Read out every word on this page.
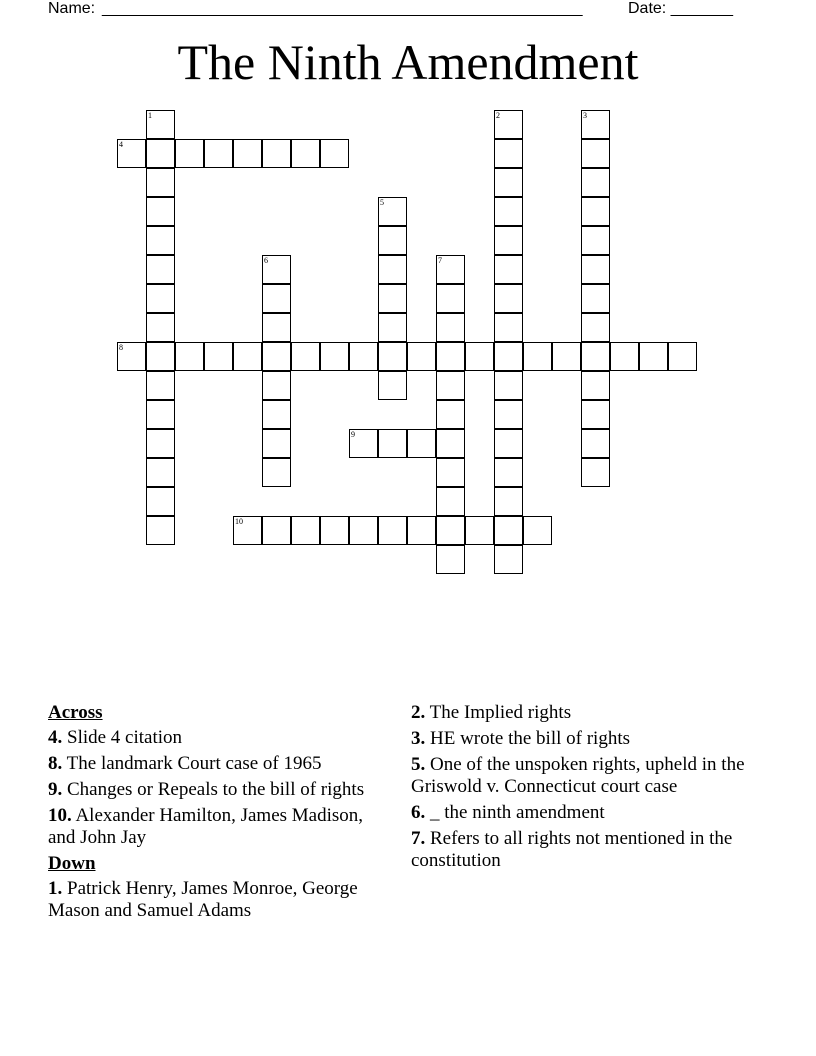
Name: ______________________________________________________	Date: _______
The Ninth Amendment
1	2	3
4
5
6	7
8
9
10
Across
4. Slide 4 citation
8. The landmark Court case of 1965
9. Changes or Repeals to the bill of rights
10. Alexander Hamilton, James Madison, and John Jay
Down
1. Patrick Henry, James Monroe, George Mason and Samuel Adams
2. The Implied rights
3. HE wrote the bill of rights
5. One of the unspoken rights, upheld in the Griswold v. Connecticut court case
6. _ the ninth amendment
7. Refers to all rights not mentioned in the constitution
